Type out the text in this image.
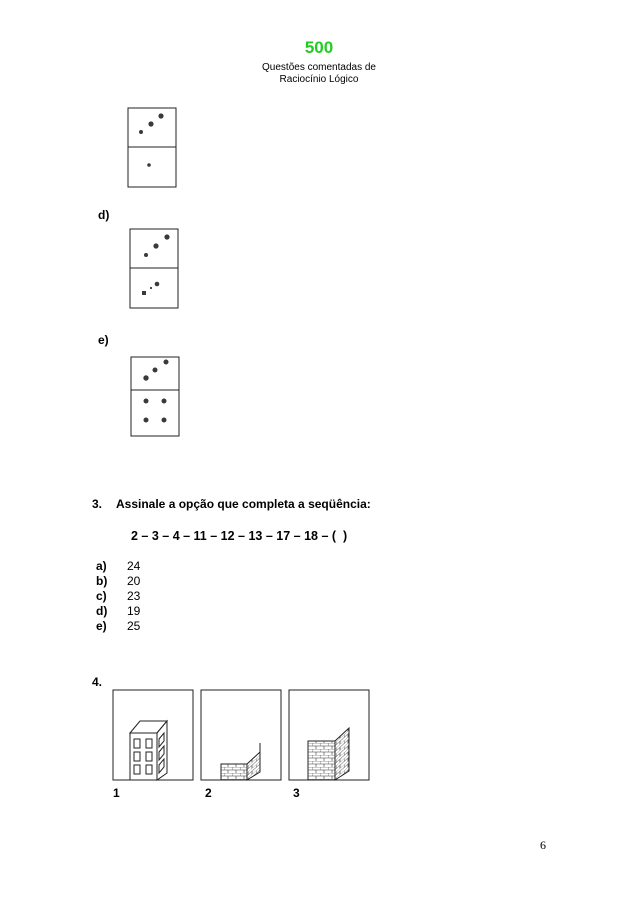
500
Questões comentadas de
Raciocínio Lógico
d)
e)
3. Assinale a opção que completa a seqüência:
2 – 3 – 4 – 11 – 12 – 13 – 17 – 18 – (  )
a) 24
b) 20
c) 23
d) 19
e) 25
4.
1	2	3
6
